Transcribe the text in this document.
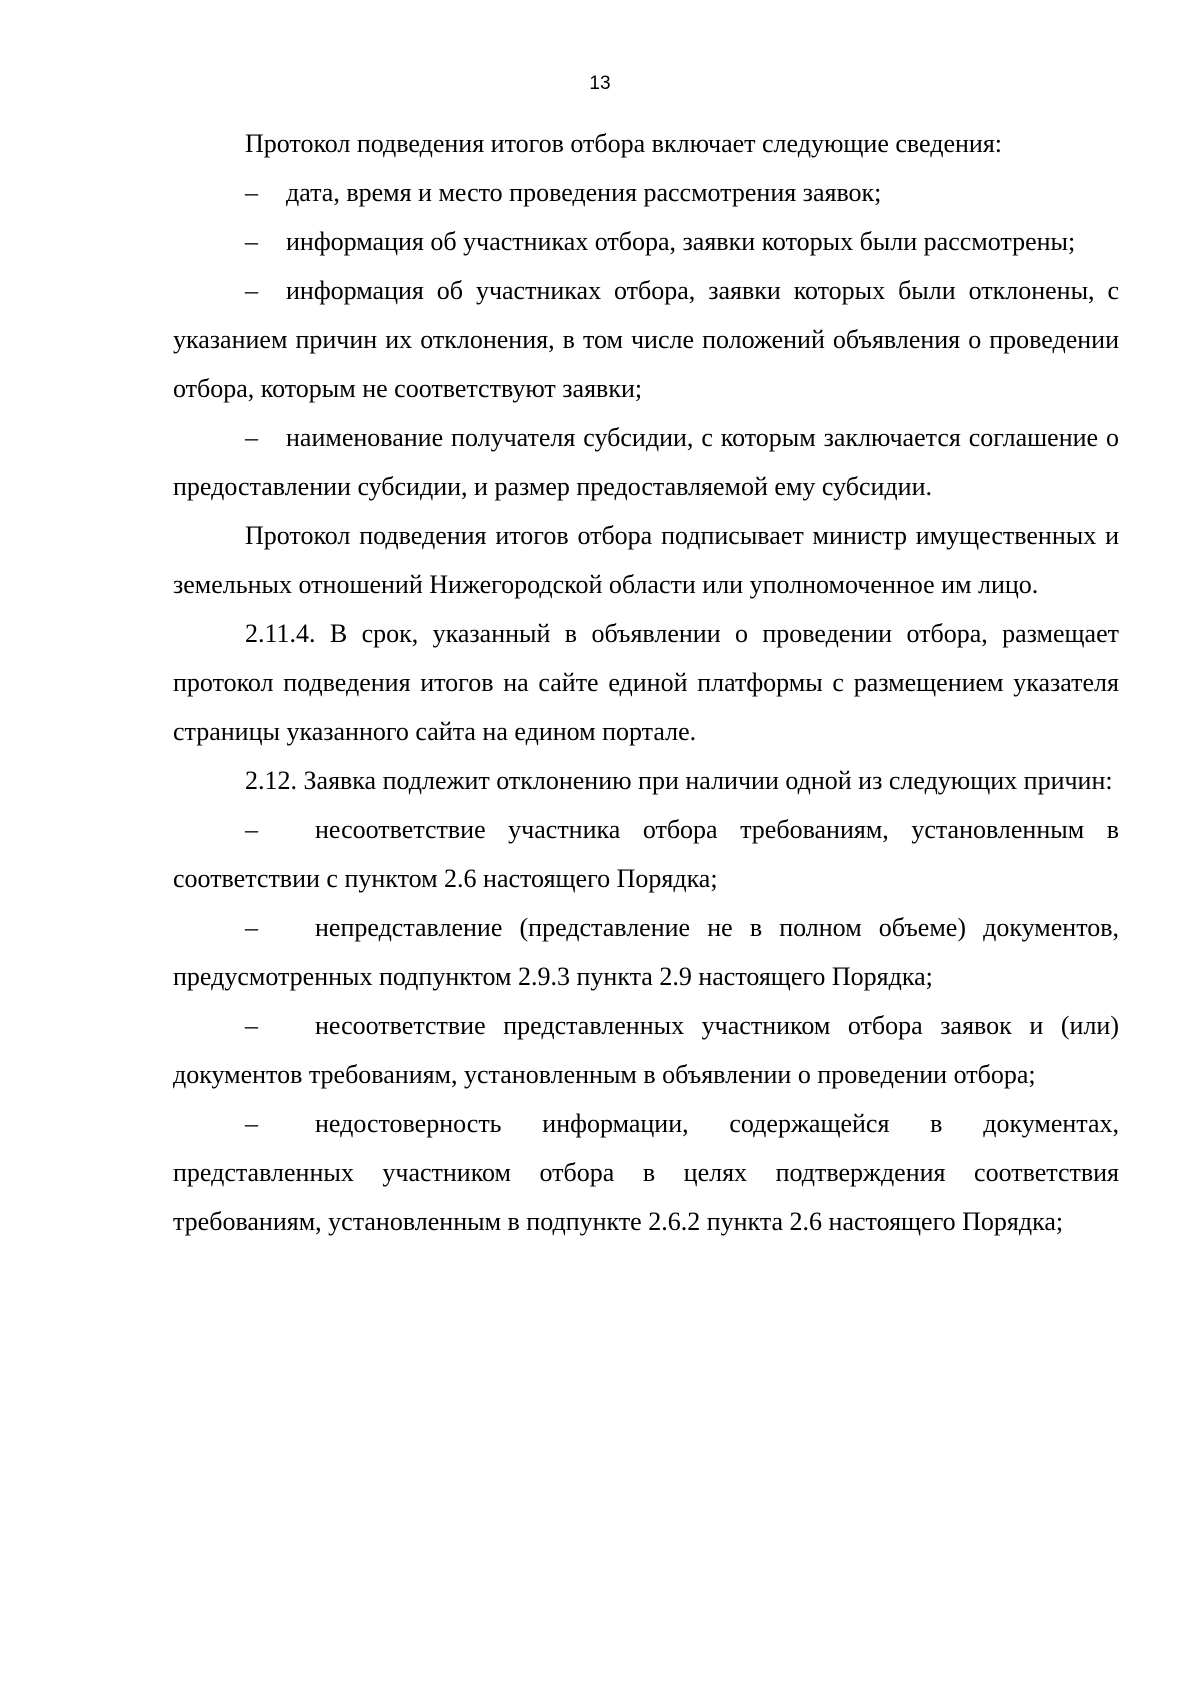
13

Протокол подведения итогов отбора включает следующие сведения:

– дата, время и место проведения рассмотрения заявок;

– информация об участниках отбора, заявки которых были рассмотрены;

– информация об участниках отбора, заявки которых были отклонены, с указанием причин их отклонения, в том числе положений объявления о проведении отбора, которым не соответствуют заявки;

– наименование получателя субсидии, с которым заключается соглашение о предоставлении субсидии, и размер предоставляемой ему субсидии.

Протокол подведения итогов отбора подписывает министр имущественных и земельных отношений Нижегородской области или уполномоченное им лицо.

2.11.4. В срок, указанный в объявлении о проведении отбора, размещает протокол подведения итогов на сайте единой платформы с размещением указателя страницы указанного сайта на едином портале.

2.12. Заявка подлежит отклонению при наличии одной из следующих причин:

– несоответствие участника отбора требованиям, установленным в соответствии с пунктом 2.6 настоящего Порядка;

– непредставление (представление не в полном объеме) документов, предусмотренных подпунктом 2.9.3 пункта 2.9 настоящего Порядка;

– несоответствие представленных участником отбора заявок и (или) документов требованиям, установленным в объявлении о проведении отбора;

– недостоверность информации, содержащейся в документах, представленных участником отбора в целях подтверждения соответствия требованиям, установленным в подпункте 2.6.2 пункта 2.6 настоящего Порядка;
